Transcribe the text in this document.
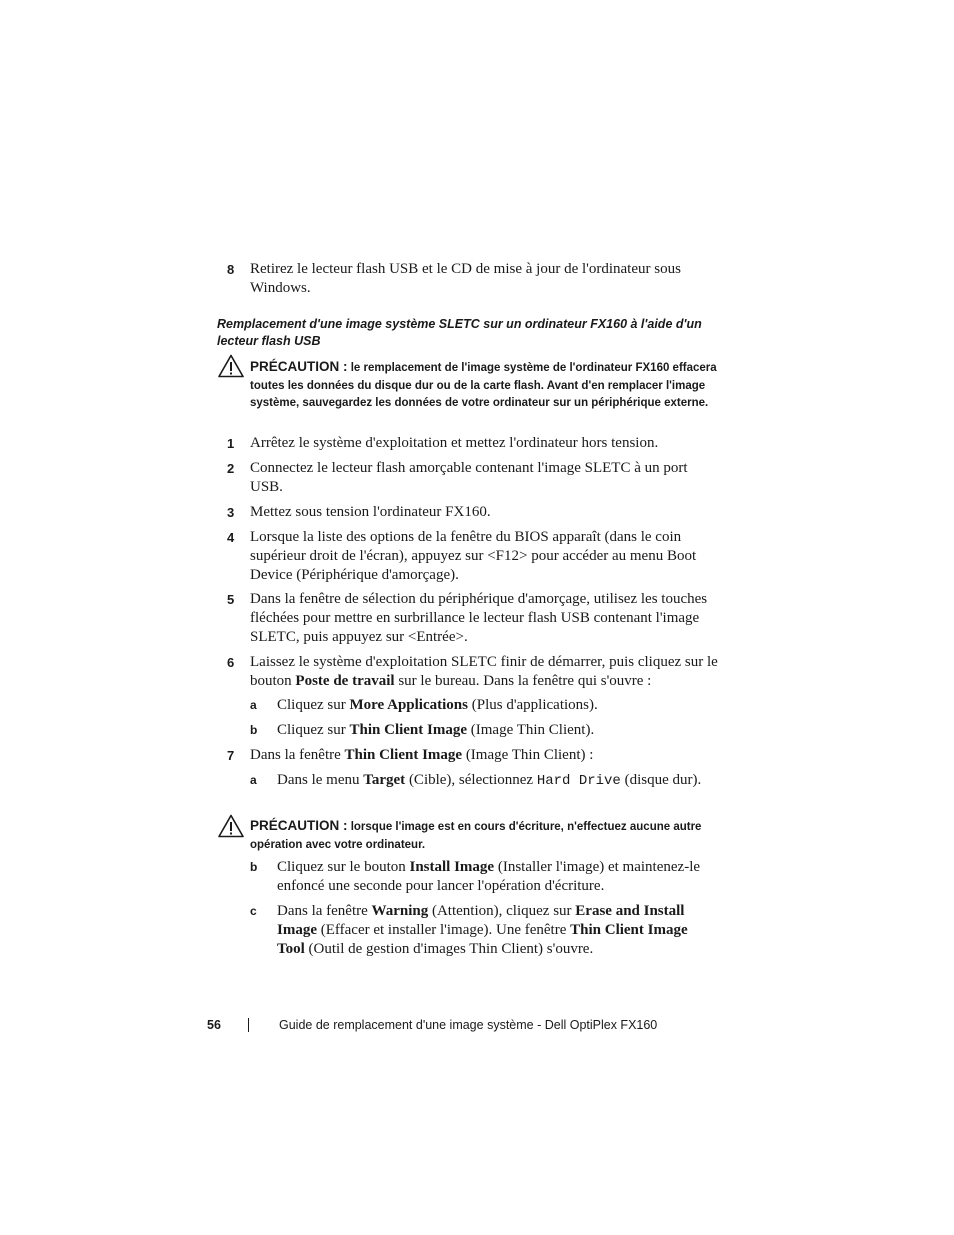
8 Retirez le lecteur flash USB et le CD de mise à jour de l'ordinateur sous Windows.
Remplacement d'une image système SLETC sur un ordinateur FX160 à l'aide d'un lecteur flash USB
PRÉCAUTION : le remplacement de l'image système de l'ordinateur FX160 effacera toutes les données du disque dur ou de la carte flash. Avant d'en remplacer l'image système, sauvegardez les données de votre ordinateur sur un périphérique externe.
1 Arrêtez le système d'exploitation et mettez l'ordinateur hors tension.
2 Connectez le lecteur flash amorçable contenant l'image SLETC à un port USB.
3 Mettez sous tension l'ordinateur FX160.
4 Lorsque la liste des options de la fenêtre du BIOS apparaît (dans le coin supérieur droit de l'écran), appuyez sur <F12> pour accéder au menu Boot Device (Périphérique d'amorçage).
5 Dans la fenêtre de sélection du périphérique d'amorçage, utilisez les touches fléchées pour mettre en surbrillance le lecteur flash USB contenant l'image SLETC, puis appuyez sur <Entrée>.
6 Laissez le système d'exploitation SLETC finir de démarrer, puis cliquez sur le bouton Poste de travail sur le bureau. Dans la fenêtre qui s'ouvre :
a Cliquez sur More Applications (Plus d'applications).
b Cliquez sur Thin Client Image (Image Thin Client).
7 Dans la fenêtre Thin Client Image (Image Thin Client) :
a Dans le menu Target (Cible), sélectionnez Hard Drive (disque dur).
PRÉCAUTION : lorsque l'image est en cours d'écriture, n'effectuez aucune autre opération avec votre ordinateur.
b Cliquez sur le bouton Install Image (Installer l'image) et maintenez-le enfoncé une seconde pour lancer l'opération d'écriture.
c Dans la fenêtre Warning (Attention), cliquez sur Erase and Install Image (Effacer et installer l'image). Une fenêtre Thin Client Image Tool (Outil de gestion d'images Thin Client) s'ouvre.
56	Guide de remplacement d'une image système - Dell OptiPlex FX160
